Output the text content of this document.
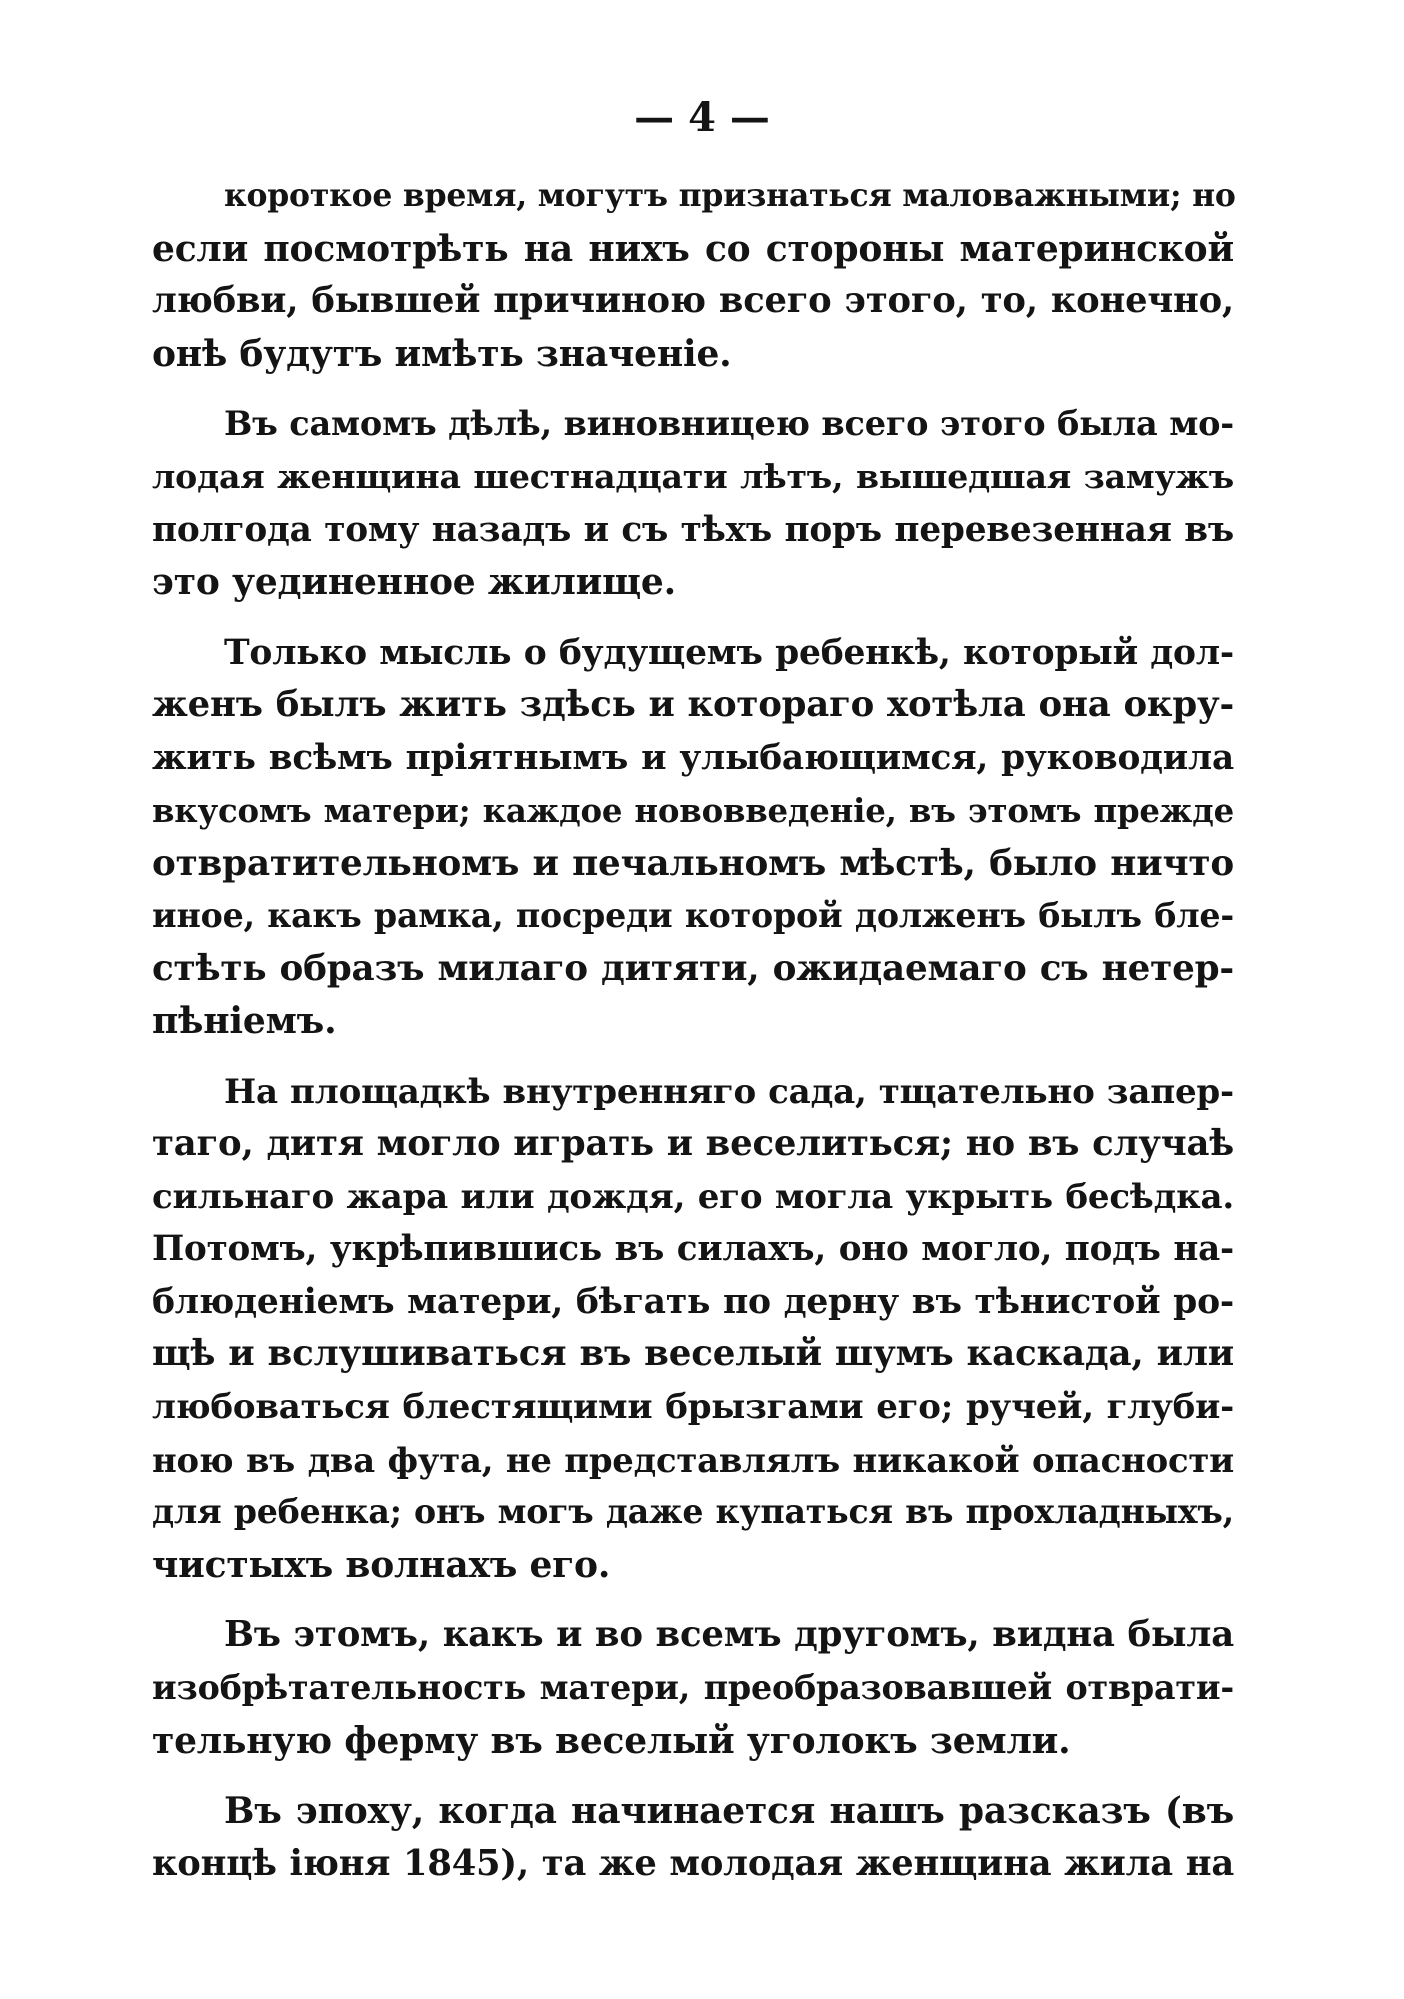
— 4 —

короткое время, могутъ признаться маловажными; но
если посмотрѣть на нихъ со стороны материнской
любви, бывшей причиною всего этого, то, конечно,
онѣ будутъ имѣть значеніе.

Въ самомъ дѣлѣ, виновницею всего этого была мо-
лодая женщина шестнадцати лѣтъ, вышедшая замужъ
полгода тому назадъ и съ тѣхъ поръ перевезенная въ
это уединенное жилище.

Только мысль о будущемъ ребенкѣ, который дол-
женъ былъ жить здѣсь и котораго хотѣла она окру-
жить всѣмъ пріятнымъ и улыбающимся, руководила
вкусомъ матери; каждое нововведеніе, въ этомъ прежде
отвратительномъ и печальномъ мѣстѣ, было ничто
иное, какъ рамка, посреди которой долженъ былъ бле-
стѣть образъ милаго дитяти, ожидаемаго съ нетер-
пѣніемъ.

На площадкѣ внутренняго сада, тщательно запер-
таго, дитя могло играть и веселиться; но въ случаѣ
сильнаго жара или дождя, его могла укрыть бесѣдка.
Потомъ, укрѣпившись въ силахъ, оно могло, подъ на-
блюденіемъ матери, бѣгать по дерну въ тѣнистой ро-
щѣ и вслушиваться въ веселый шумъ каскада, или
любоваться блестящими брызгами его; ручей, глуби-
ною въ два фута, не представлялъ никакой опасности
для ребенка; онъ могъ даже купаться въ прохладныхъ,
чистыхъ волнахъ его.

Въ этомъ, какъ и во всемъ другомъ, видна была
изобрѣтательность матери, преобразовавшей отврати-
тельную ферму въ веселый уголокъ земли.

Въ эпоху, когда начинается нашъ разсказъ (въ
концѣ іюня 1845), та же молодая женщина жила на
